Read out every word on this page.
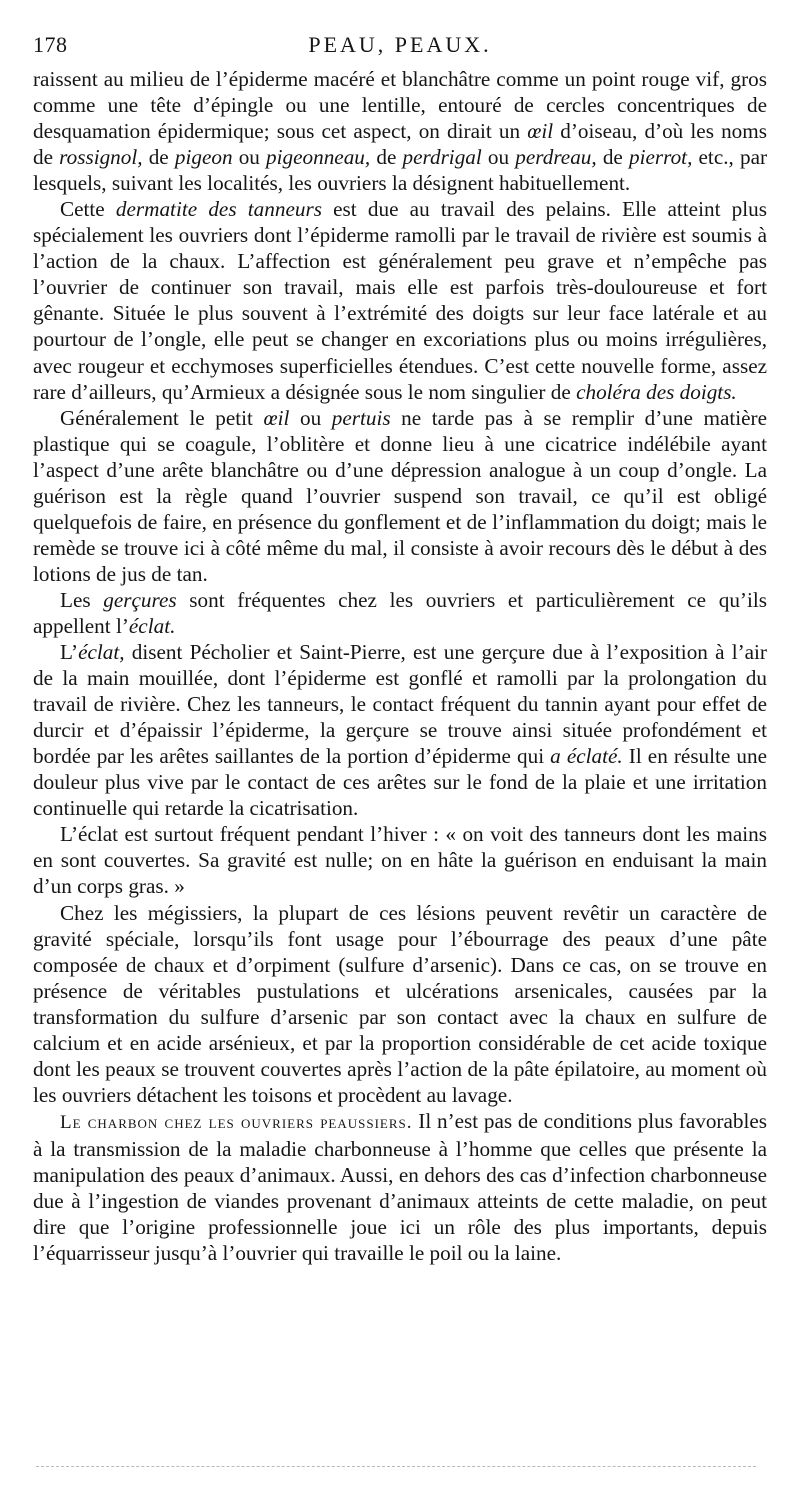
178	PEAU, PEAUX.

raissent au milieu de l’épiderme macéré et blanchâtre comme un point rouge vif, gros comme une tête d’épingle ou une lentille, entouré de cercles concentriques de desquamation épidermique; sous cet aspect, on dirait un œil d’oiseau, d’où les noms de rossignol, de pigeon ou pigeonneau, de perdrigal ou perdreau, de pierrot, etc., par lesquels, suivant les localités, les ouvriers la désignent habituellement.

Cette dermatite des tanneurs est due au travail des pelains. Elle atteint plus spécialement les ouvriers dont l’épiderme ramolli par le travail de rivière est soumis à l’action de la chaux. L’affection est généralement peu grave et n’empêche pas l’ouvrier de continuer son travail, mais elle est parfois très-douloureuse et fort gênante. Située le plus souvent à l’extrémité des doigts sur leur face latérale et au pourtour de l’ongle, elle peut se changer en excoriations plus ou moins irrégulières, avec rougeur et ecchymoses superficielles étendues. C’est cette nouvelle forme, assez rare d’ailleurs, qu’Armieux a désignée sous le nom singulier de choléra des doigts.

Généralement le petit œil ou pertuis ne tarde pas à se remplir d’une matière plastique qui se coagule, l’oblitère et donne lieu à une cicatrice indélébile ayant l’aspect d’une arête blanchâtre ou d’une dépression analogue à un coup d’ongle. La guérison est la règle quand l’ouvrier suspend son travail, ce qu’il est obligé quelquefois de faire, en présence du gonflement et de l’inflammation du doigt; mais le remède se trouve ici à côté même du mal, il consiste à avoir recours dès le début à des lotions de jus de tan.

Les gerçures sont fréquentes chez les ouvriers et particulièrement ce qu’ils appellent l’éclat.

L’éclat, disent Pécholier et Saint-Pierre, est une gerçure due à l’exposition à l’air de la main mouillée, dont l’épiderme est gonflé et ramolli par la prolongation du travail de rivière. Chez les tanneurs, le contact fréquent du tannin ayant pour effet de durcir et d’épaissir l’épiderme, la gerçure se trouve ainsi située profondément et bordée par les arêtes saillantes de la portion d’épiderme qui a éclaté. Il en résulte une douleur plus vive par le contact de ces arêtes sur le fond de la plaie et une irritation continuelle qui retarde la cicatrisation.

L’éclat est surtout fréquent pendant l’hiver : « on voit des tanneurs dont les mains en sont couvertes. Sa gravité est nulle; on en hâte la guérison en enduisant la main d’un corps gras. »

Chez les mégissiers, la plupart de ces lésions peuvent revêtir un caractère de gravité spéciale, lorsqu’ils font usage pour l’ébourrage des peaux d’une pâte composée de chaux et d’orpiment (sulfure d’arsenic). Dans ce cas, on se trouve en présence de véritables pustulations et ulcérations arsenicales, causées par la transformation du sulfure d’arsenic par son contact avec la chaux en sulfure de calcium et en acide arsénieux, et par la proportion considérable de cet acide toxique dont les peaux se trouvent couvertes après l’action de la pâte épilatoire, au moment où les ouvriers détachent les toisons et procèdent au lavage.

Le charbon chez les ouvriers peaussiers. Il n’est pas de conditions plus favorables à la transmission de la maladie charbonneuse à l’homme que celles que présente la manipulation des peaux d’animaux. Aussi, en dehors des cas d’infection charbonneuse due à l’ingestion de viandes provenant d’animaux atteints de cette maladie, on peut dire que l’origine professionnelle joue ici un rôle des plus importants, depuis l’équarrisseur jusqu’à l’ouvrier qui travaille le poil ou la laine.
